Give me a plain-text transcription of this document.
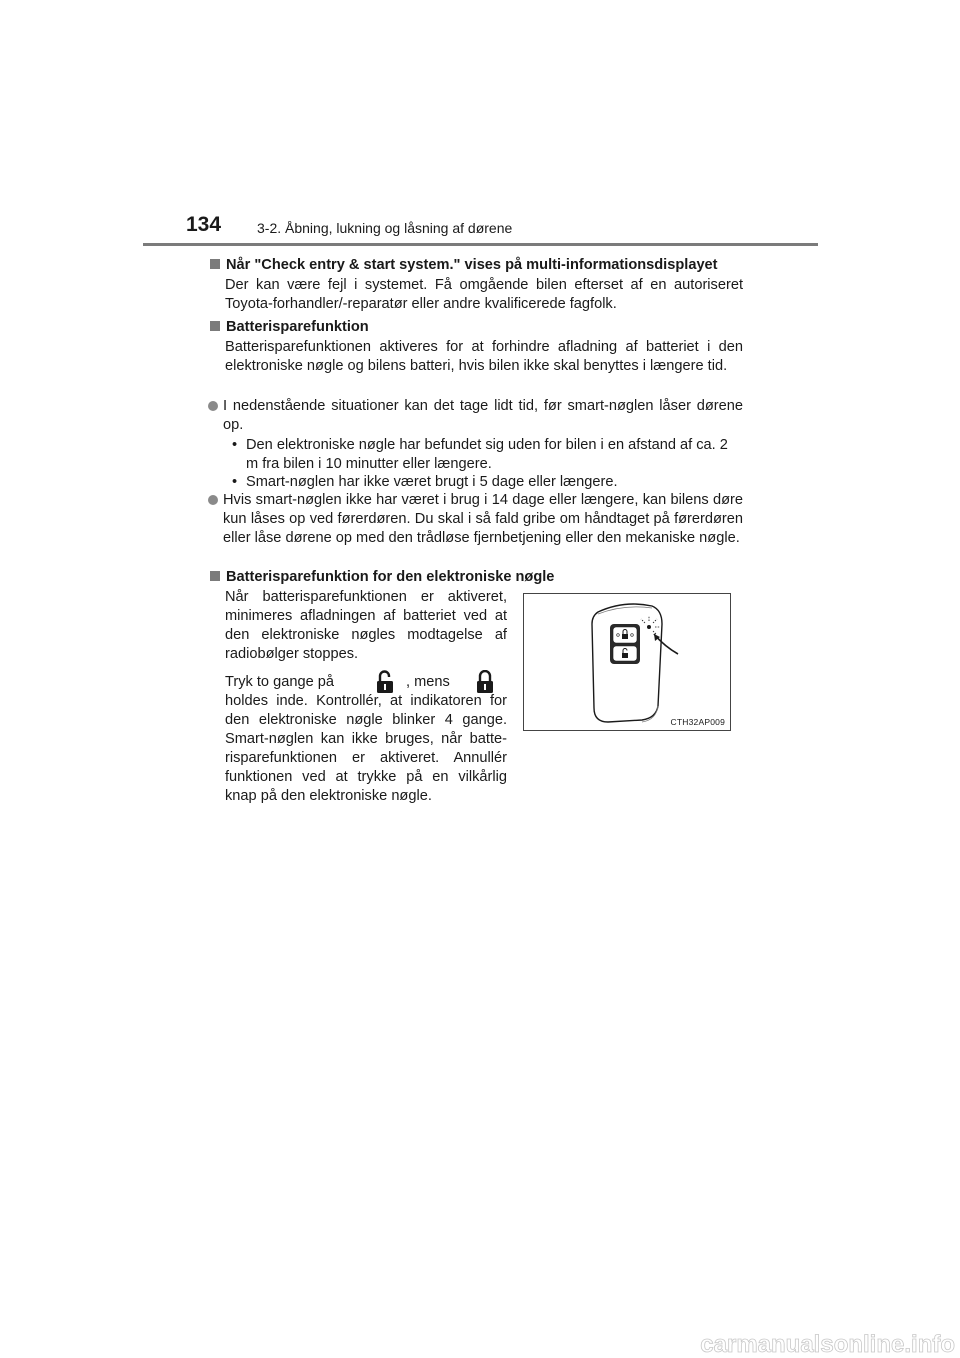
134	3-2. Åbning, lukning og låsning af dørene
Når "Check entry & start system." vises på multi-informationsdisplayet
Der kan være fejl i systemet. Få omgående bilen efterset af en autoriseret Toyota-forhandler/-reparatør eller andre kvalificerede fagfolk.
Batterisparefunktion
Batterisparefunktionen aktiveres for at forhindre afladning af batteriet i den elektroniske nøgle og bilens batteri, hvis bilen ikke skal benyttes i længere tid.
I nedenstående situationer kan det tage lidt tid, før smart-nøglen låser dørene op.
• Den elektroniske nøgle har befundet sig uden for bilen i en afstand af ca. 2 m fra bilen i 10 minutter eller længere.
• Smart-nøglen har ikke været brugt i 5 dage eller længere.
Hvis smart-nøglen ikke har været i brug i 14 dage eller længere, kan bilens døre kun låses op ved førerdøren. Du skal i så fald gribe om håndtaget på førerdøren eller låse dørene op med den trådløse fjernbetjening eller den mekaniske nøgle.
Batterisparefunktion for den elektroniske nøgle
Når batterisparefunktionen er aktiveret, minimeres afladningen af batteriet ved at den elektroniske nøgles modtagelse af radiobølger stoppes.
Tryk to gange på	, mens
holdes inde. Kontrollér, at indikatoren for den elektroniske nøgle blinker 4 gange. Smart-nøglen kan ikke bruges, når batte-risparefunktionen er aktiveret. Annullér funktionen ved at trykke på en vilkårlig knap på den elektroniske nøgle.
CTH32AP009
carmanualsonline.info
